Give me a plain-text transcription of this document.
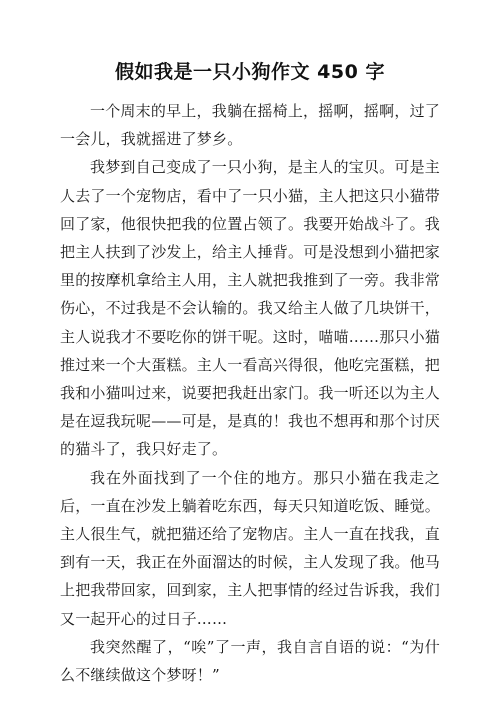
假如我是一只小狗作文 450 字

一个周末的早上，我躺在摇椅上，摇啊，摇啊，过了一会儿，我就摇进了梦乡。

我梦到自己变成了一只小狗，是主人的宝贝。可是主人去了一个宠物店，看中了一只小猫，主人把这只小猫带回了家，他很快把我的位置占领了。我要开始战斗了。我把主人扶到了沙发上，给主人捶背。可是没想到小猫把家里的按摩机拿给主人用，主人就把我推到了一旁。我非常伤心，不过我是不会认输的。我又给主人做了几块饼干，主人说我才不要吃你的饼干呢。这时，喵喵……那只小猫推过来一个大蛋糕。主人一看高兴得很，他吃完蛋糕，把我和小猫叫过来，说要把我赶出家门。我一听还以为主人是在逗我玩呢——可是，是真的！我也不想再和那个讨厌的猫斗了，我只好走了。

我在外面找到了一个住的地方。那只小猫在我走之后，一直在沙发上躺着吃东西，每天只知道吃饭、睡觉。主人很生气，就把猫还给了宠物店。主人一直在找我，直到有一天，我正在外面溜达的时候，主人发现了我。他马上把我带回家，回到家，主人把事情的经过告诉我，我们又一起开心的过日子……

我突然醒了，“唉”了一声，我自言自语的说：“为什么不继续做这个梦呀！”
